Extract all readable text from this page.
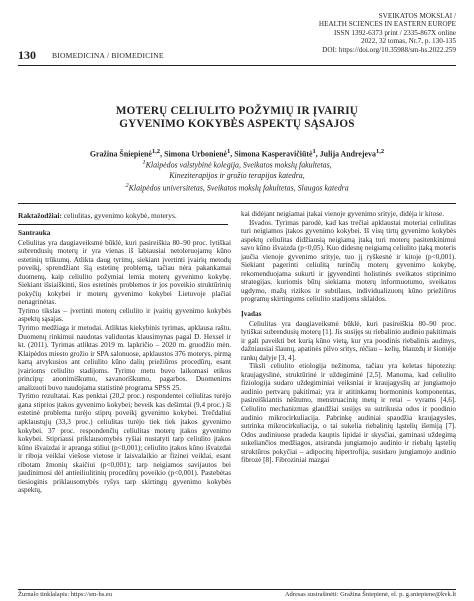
SVEIKATOS MOKSLAI /
HEALTH SCIENCES IN EASTERN EUROPE
ISSN 1392-6373 print / 2335-867X online
2022, 32 tomas, Nr.7, p. 130-135
DOI: https://doi.org/10.35988/sm-hs.2022.259
130 BIOMEDICINA / BIOMEDICINE
MOTERŲ CELIULITO POŽYMIŲ IR ĮVAIRIŲ
GYVENIMO KOKYBĖS ASPEKTŲ SĄSAJOS
Gražina Šniepienė$^{1,2}$, Simona Urbonienė$^1$, Simona Kasperavičiūtė$^1$, Julija Andrejeva$^{1,2}$
$^1$Klaipėdos valstybinė kolegija, Sveikatos mokslų fakultetas,
Kineziterapijos ir grožio terapijos katedra,
$^2$Klaipėdos universitetas, Sveikatos mokslų fakultetas, Slaugos katedra
Raktažodžiai: celiulitas, gyvenimo kokybė, moterys.

Santrauka

Celiulitas yra daugiaveiksmė būklė, kuri pasireiškia 80–90 proc. lytiškai subrendusių moterų ir yra vienas iš labiausiai netoleruojamų kūno estetinių trūkumų. Atlikta daug tyrimų, siekiant įvertinti įvairių metodų poveikį, sprendžiant šią estetinę problemą, tačiau nėra pakankamai duomenų, kaip celiulito požymiai lemia moterų gyvenimo kokybę. Siekiant išsiaiškinti, šios estetinės problemos ir jos poveikio struktūrinių pokyčių kokybei ir moterų gyvenimo kokybei Lietuvoje plačiai nenagrinėtas.

Tyrimo tikslas – įvertinti moterų celiulito ir įvairių gyvenimo kokybės aspektų sąsajas.

Tyrimo medžiaga ir metodai. Atliktas kiekybinis tyrimas, apklausa raštu. Duomenų rinkimui naudotas validuotas klausimynas pagal D. Hexsel ir kt. (2011). Tyrimas atliktas 2019 m. lapkričio – 2020 m. gruodžio mėn. Klaipėdos miesto grožio ir SPA salonuose, apklaustos 376 moterys, pirmą kartą atvykusios ant celiulito kūno dalių priežiūros procedūrų, esant įvairioms celiulito stadijoms. Tyrimo metu buvo laikomasi etikos principų: anonimiškumo, savanoriškumo, pagarbos. Duomenims analizuoti buvo naudojama statistinė programa SPSS 25.

Tyrimo rezultatai. Kas penktai (20,2 proc.) respondentei celiulitas turėjo gana stiprios įtakos gyvenimo kokybei; beveik kas dešimtai (9,4 proc.) ši estetinė problema turėjo stiprų poveikį gyvenimo kokybei. Trečdaliui apklaustųjų (33,3 proc.) celiulitas turėjo tiek tiek įtakos gyvenimo kokybei. 37 proc. respondenčių celiulitas moterų įtakos gyvenimo kokybei. Stipriausi priklausomybės ryšiai nustatyti tarp celiulito įtakos kūno išvaizdai ir apranga stiliui (p<0,001); celiulito įtakos kūno išvaizdai ir riboja veiklai viešose vietose ir laisvalaikio ar fizinei veiklai, esant ribotam žmonių skaičiui (p<0,001); tarp neigiamos savijautos bei jaudinimosi dėl antieiliulitinių procedūrų poveikio (p<0,001). Pastebėtas tiesioginis priklausomybės ryšys tarp skirtingų gyvenimo kokybės aspektų,

kai didėjant neigiamai įtakai vienoje gyvenimo srityje, didėja ir kitose.

Išvados. Tyrimas parodė, kad kas trečiai apklaustai moteriai celiulitas turi neigiamos įtakos gyvenimo kokybei. Iš visų tirtų gyvenimo kokybės aspektų celiulitas didžiausią neigiamą įtaką turi moterų pasitenkinimui savo kūno išvaizda (p<0,05). Kuo didesnę neigiamą celiulito įtaką moteris jaučia vienoje gyvenimo srityje, tuo jį ryškesnė ir kitoje (p<0,001). Siekiant pagerinti celiulitą turinčių moterų gyvenimo kokybę, rekomenduojama sukurti ir įgyvendinti holistinės sveikatos stiprinimo strategijas, kuriomis būtų siekiama moterų informuotumo, sveikatos ugdymo, mažų rizikos ir subtilaus, individualizuotų kūno priežiūros programų skirtingoms celiulito stadijoms sklaidos.

Įvadas

Celiulitas yra daugiaveiksmė būklė, kuri pasireiškia 80–90 proc. lytiškai subrendusių moterų [1]. Jis susijęs su riebalinio audinio pakitimais ir gali paveikti bet kurią kūno vietą, kur yra poodinis riebalinis audinys, dažniausiai šlaunų, apatinės pilvo sritys, rėčiau – kelių, blauzdų ir šioniėje rankų dalyje [3, 4].

Tikslì celiulito etiologija nežinoma, tačiau yra keletas hipotezių: kraujagyslinė, struktūrinė ir uždegiminė [2,5]. Manoma, kad celiulito fiziologija sudaro uždegiminiai veiksniai ir kraujagyslių ar jungiamojo audinio pertvarų pakitimai; yra ir atitinkamų hormoninis komponentas, pasireiškiantis nėštumo, menstruacinių metų ir retai – vyrams [4,6]. Celiulito mechanizmas glaudžiai susijęs su sutrikusia odos ir poodinio audinio mikrocirkuliacija. Pabrinkę audiniai spaudžia kraujagysles, sutrinka mikrocirkuliacija, o tai sukelia riebalinių ląstelių išemiją [7]. Odos audiniuose pradeda kauptis lipidai ir skysčiai, gaminasi uždegimą sukeliančios medžiagos, atsiranda jungiamojo audinio ir riebalų ląstelių struktūros pokyčiai – adipocitų hipertrofija, susidaro jungiamojo audinio fibrozė [8]. Fibroziniai mazgai

Žurnalo tinklalapis: https://sm-hs.eu	Adresas susirašinėti: Gražina Šniepienė, el. p. g.sniepiene@kvk.lt
